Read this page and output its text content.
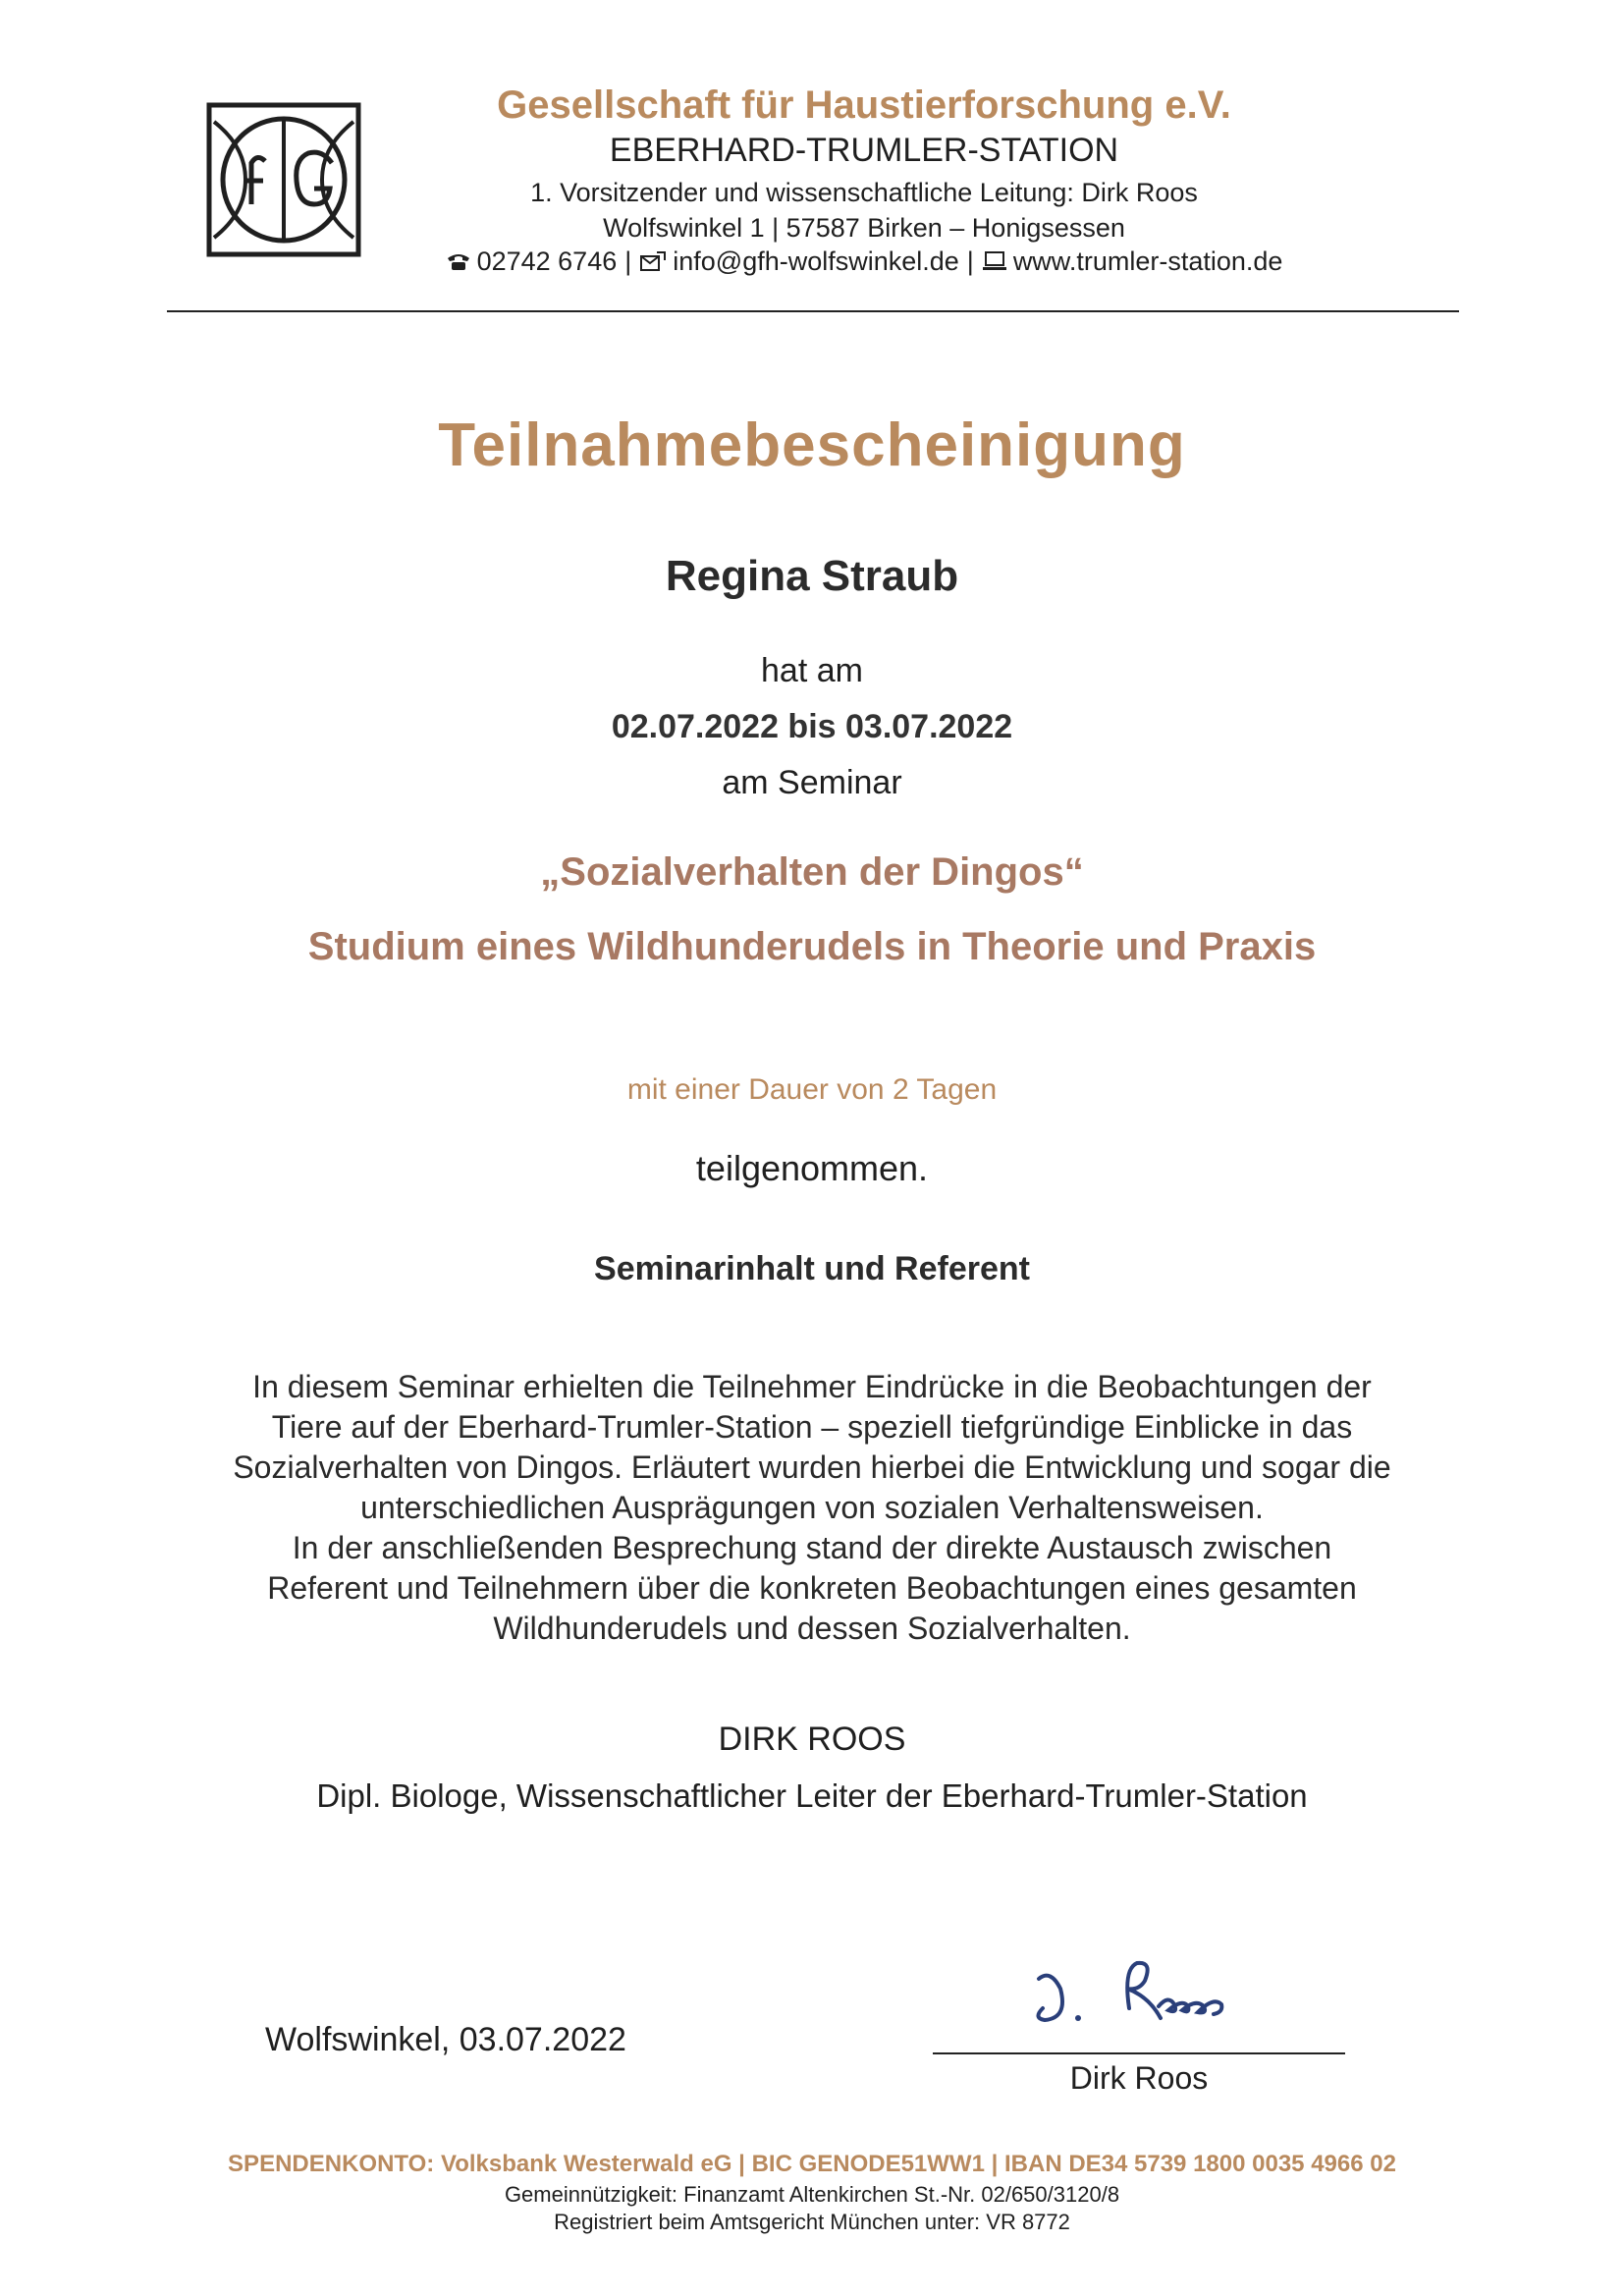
Gesellschaft für Haustierforschung e.V.
EBERHARD-TRUMLER-STATION
1. Vorsitzender und wissenschaftliche Leitung: Dirk Roos
Wolfswinkel 1 | 57587 Birken – Honigsessen
02742 6746 | info@gfh-wolfswinkel.de | www.trumler-station.de
Teilnahmebescheinigung
Regina Straub
hat am
02.07.2022 bis 03.07.2022
am Seminar
„Sozialverhalten der Dingos“
Studium eines Wildhunderudels in Theorie und Praxis
mit einer Dauer von 2 Tagen
teilgenommen.
Seminarinhalt und Referent
In diesem Seminar erhielten die Teilnehmer Eindrücke in die Beobachtungen der
Tiere auf der Eberhard-Trumler-Station – speziell tiefgründige Einblicke in das
Sozialverhalten von Dingos. Erläutert wurden hierbei die Entwicklung und sogar die
unterschiedlichen Ausprägungen von sozialen Verhaltensweisen.
In der anschließenden Besprechung stand der direkte Austausch zwischen
Referent und Teilnehmern über die konkreten Beobachtungen eines gesamten
Wildhunderudels und dessen Sozialverhalten.
DIRK ROOS
Dipl. Biologe, Wissenschaftlicher Leiter der Eberhard-Trumler-Station
Wolfswinkel, 03.07.2022
Dirk Roos
SPENDENKONTO: Volksbank Westerwald eG | BIC GENODE51WW1 | IBAN DE34 5739 1800 0035 4966 02
Gemeinnützigkeit: Finanzamt Altenkirchen St.-Nr. 02/650/3120/8
Registriert beim Amtsgericht München unter: VR 8772
